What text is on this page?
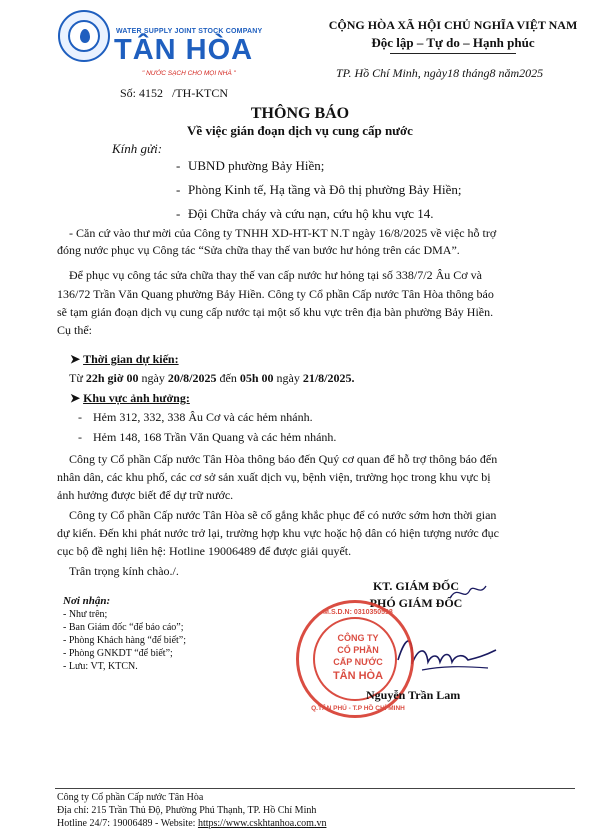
WATER SUPPLY JOINT STOCK COMPANY
TÂN HÒA
" NƯỚC SẠCH CHO MỌI NHÀ "
CỘNG HÒA XÃ HỘI CHỦ NGHĨA VIỆT NAM
Độc lập – Tự do – Hạnh phúc
Số: 4152 /TH-KTCN
TP. Hồ Chí Minh, ngày18 tháng8 năm2025
THÔNG BÁO
Về việc gián đoạn dịch vụ cung cấp nước
Kính gửi:
- UBND phường Bảy Hiền;
- Phòng Kinh tế, Hạ tầng và Đô thị phường Bảy Hiền;
- Đội Chữa cháy và cứu nạn, cứu hộ khu vực 14.
- Căn cứ vào thư mời của Công ty TNHH XD-HT-KT N.T ngày 16/8/2025 về việc hỗ trợ
đóng nước phục vụ Công tác “Sửa chữa thay thế van bước hư hỏng trên các DMA”.
Để phục vụ công tác sửa chữa thay thế van cấp nước hư hỏng tại số 338/7/2 Âu Cơ và
136/72 Trần Văn Quang phường Bảy Hiền. Công ty Cổ phần Cấp nước Tân Hòa thông báo
sẽ tạm gián đoạn dịch vụ cung cấp nước tại một số khu vực trên địa bàn phường Bảy Hiền.
Cụ thể:
➤ Thời gian dự kiến:
Từ 22h giờ 00 ngày 20/8/2025 đến 05h 00 ngày 21/8/2025.
➤ Khu vực ảnh hưởng:
- Hẻm 312, 332, 338 Âu Cơ và các hẻm nhánh.
- Hẻm 148, 168 Trần Văn Quang và các hẻm nhánh.
Công ty Cổ phần Cấp nước Tân Hòa thông báo đến Quý cơ quan để hỗ trợ thông báo đến
nhân dân, các khu phố, các cơ sở sản xuất dịch vụ, bệnh viện, trường học trong khu vực bị
ảnh hưởng được biết để dự trữ nước.
Công ty Cổ phần Cấp nước Tân Hòa sẽ cố gắng khắc phục để có nước sớm hơn thời gian
dự kiến. Đến khi phát nước trở lại, trường hợp khu vực hoặc hộ dân có hiện tượng nước đục
cục bộ đề nghị liên hệ: Hotline 19006489 để được giải quyết.
Trân trọng kính chào./.
KT. GIÁM ĐỐC
PHÓ GIÁM ĐỐC
M.S.D.N: 0310350598
CÔNG TY
CỔ PHẦN
CẤP NƯỚC
TÂN HÒA
Q.TÂN PHÚ - T.P HỒ CHÍ MINH
Nguyễn Trần Lam
Nơi nhận:
- Như trên;
- Ban Giám đốc “để báo cáo”;
- Phòng Khách hàng “để biết”;
- Phòng GNKDT “để biết”;
- Lưu: VT, KTCN.
Công ty Cổ phần Cấp nước Tân Hòa
Địa chỉ: 215 Trần Thủ Độ, Phường Phú Thạnh, TP. Hồ Chí Minh
Hotline 24/7: 19006489 - Website: https://www.cskhtanhoa.com.vn
